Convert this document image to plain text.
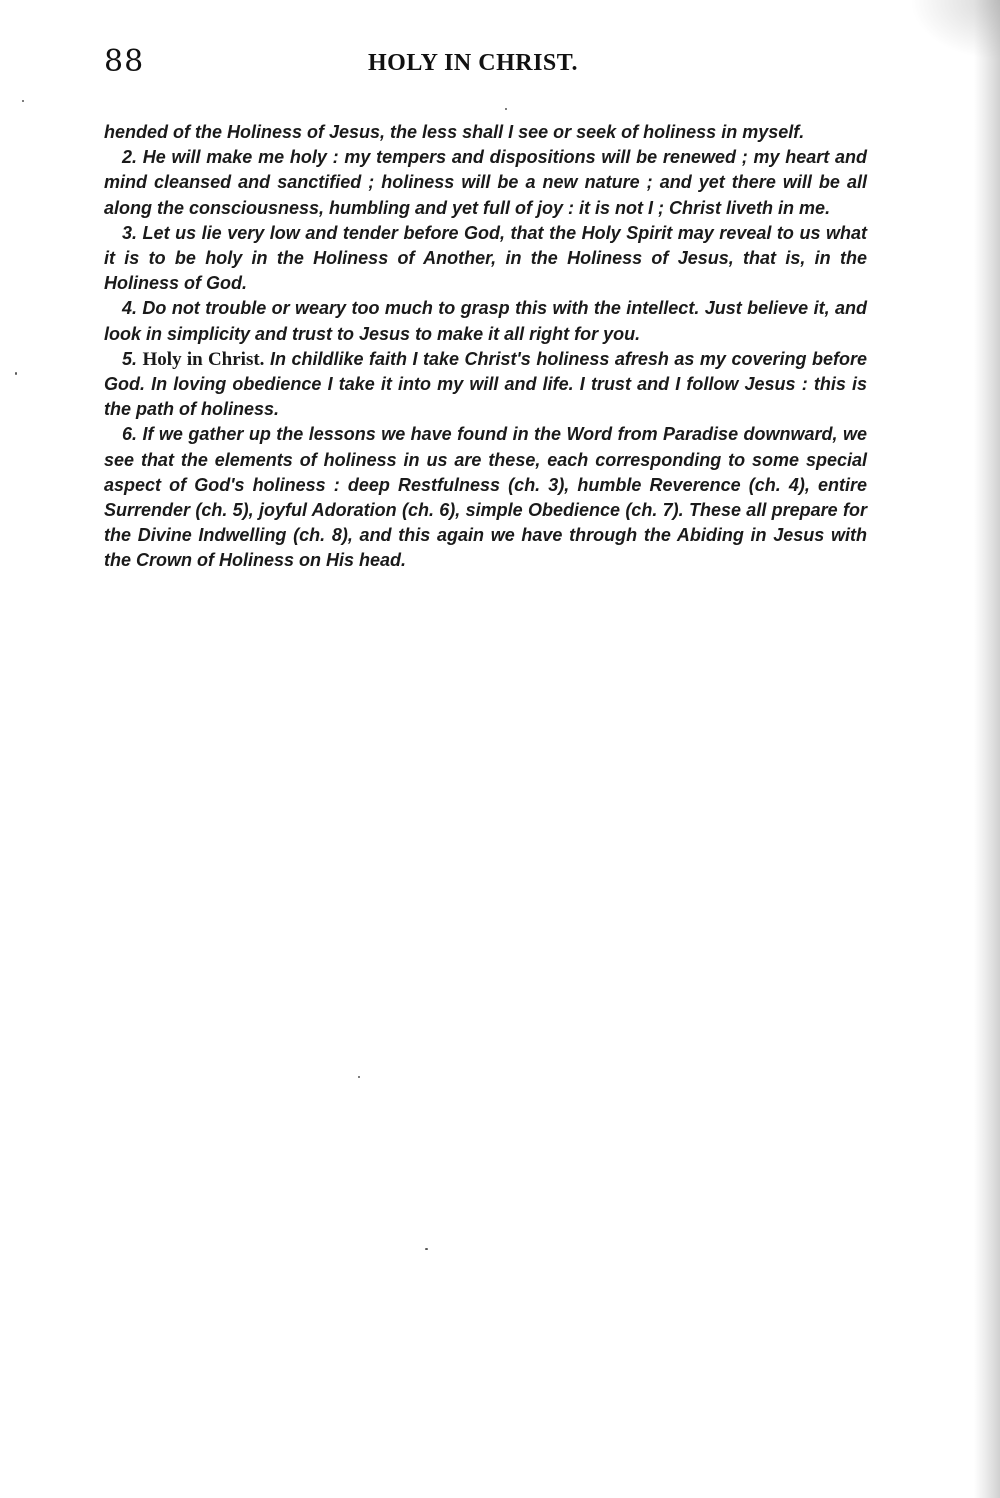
88	HOLY IN CHRIST.

hended of the Holiness of Jesus, the less shall I see or seek of holiness in myself.

2. He will make me holy : my tempers and dispositions will be renewed ; my heart and mind cleansed and sanctified ; holiness will be a new nature ; and yet there will be all along the consciousness, humbling and yet full of joy : it is not I ; Christ liveth in me.

3. Let us lie very low and tender before God, that the Holy Spirit may reveal to us what it is to be holy in the Holiness of Another, in the Holiness of Jesus, that is, in the Holiness of God.

4. Do not trouble or weary too much to grasp this with the intellect. Just believe it, and look in simplicity and trust to Jesus to make it all right for you.

5. Holy in Christ. In childlike faith I take Christ's holiness afresh as my covering before God. In loving obedience I take it into my will and life. I trust and I follow Jesus : this is the path of holiness.

6. If we gather up the lessons we have found in the Word from Paradise downward, we see that the elements of holiness in us are these, each corresponding to some special aspect of God's holiness : deep Restfulness (ch. 3), humble Reverence (ch. 4), entire Surrender (ch. 5), joyful Adoration (ch. 6), simple Obedience (ch. 7). These all prepare for the Divine Indwelling (ch. 8), and this again we have through the Abiding in Jesus with the Crown of Holiness on His head.
